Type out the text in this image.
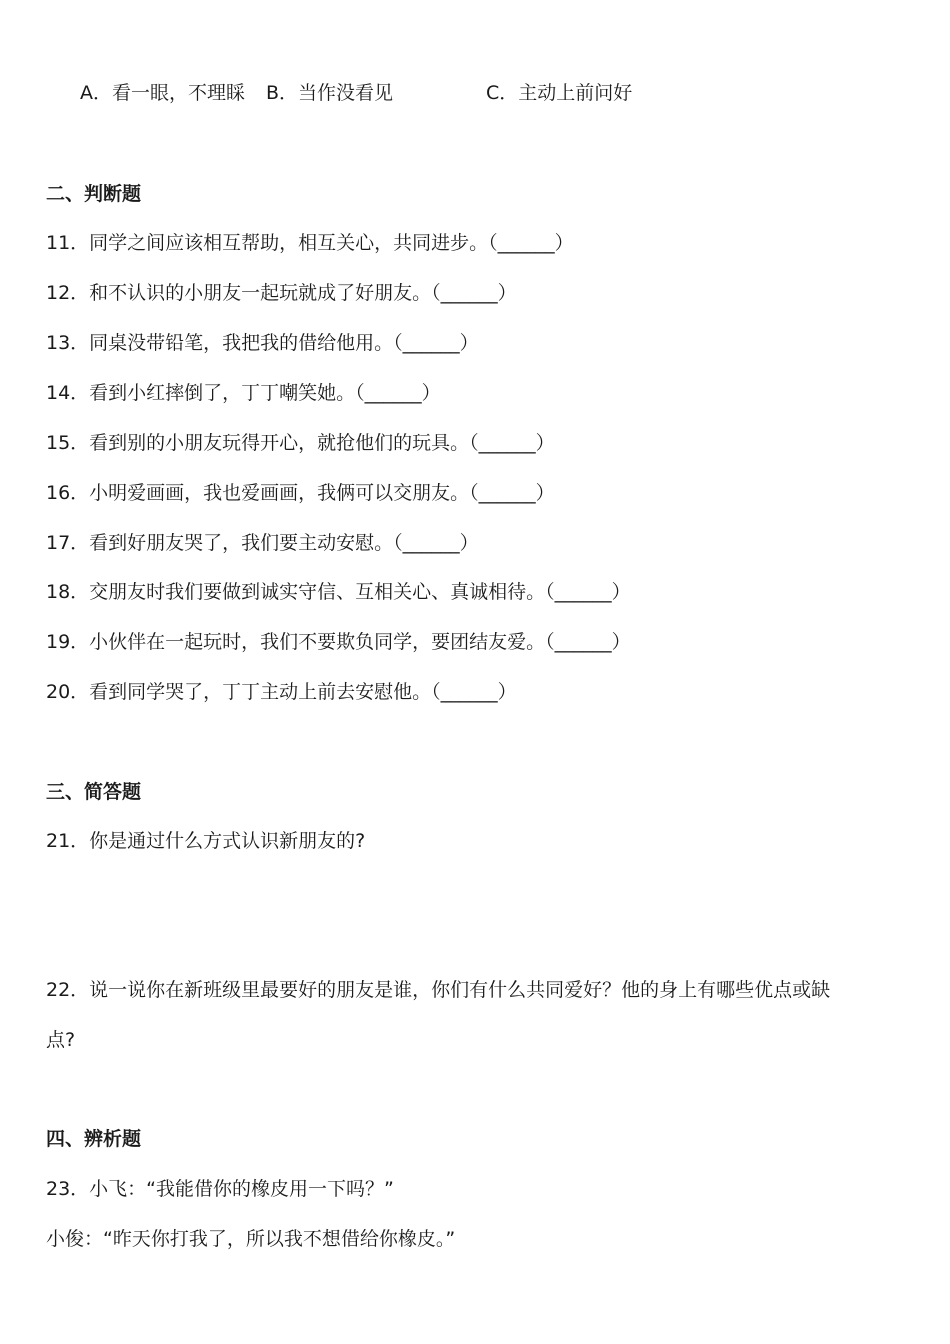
A．看一眼，不理睬 B．当作没看见	C．主动上前问好
二、判断题
11．同学之间应该相互帮助，相互关心，共同进步。（______）
12．和不认识的小朋友一起玩就成了好朋友。（______）
13．同桌没带铅笔，我把我的借给他用。（______）
14．看到小红摔倒了，丁丁嘲笑她。（______）
15．看到别的小朋友玩得开心，就抢他们的玩具。（______）
16．小明爱画画，我也爱画画，我俩可以交朋友。（______）
17．看到好朋友哭了，我们要主动安慰。（______）
18．交朋友时我们要做到诚实守信、互相关心、真诚相待。（______）
19．小伙伴在一起玩时，我们不要欺负同学，要团结友爱。（______）
20．看到同学哭了，丁丁主动上前去安慰他。（______）
三、简答题
21．你是通过什么方式认识新朋友的?
22．说一说你在新班级里最要好的朋友是谁，你们有什么共同爱好？他的身上有哪些优点或缺
点?
四、辨析题
23．小飞：“我能借你的橡皮用一下吗？”
小俊：“昨天你打我了，所以我不想借给你橡皮。”
